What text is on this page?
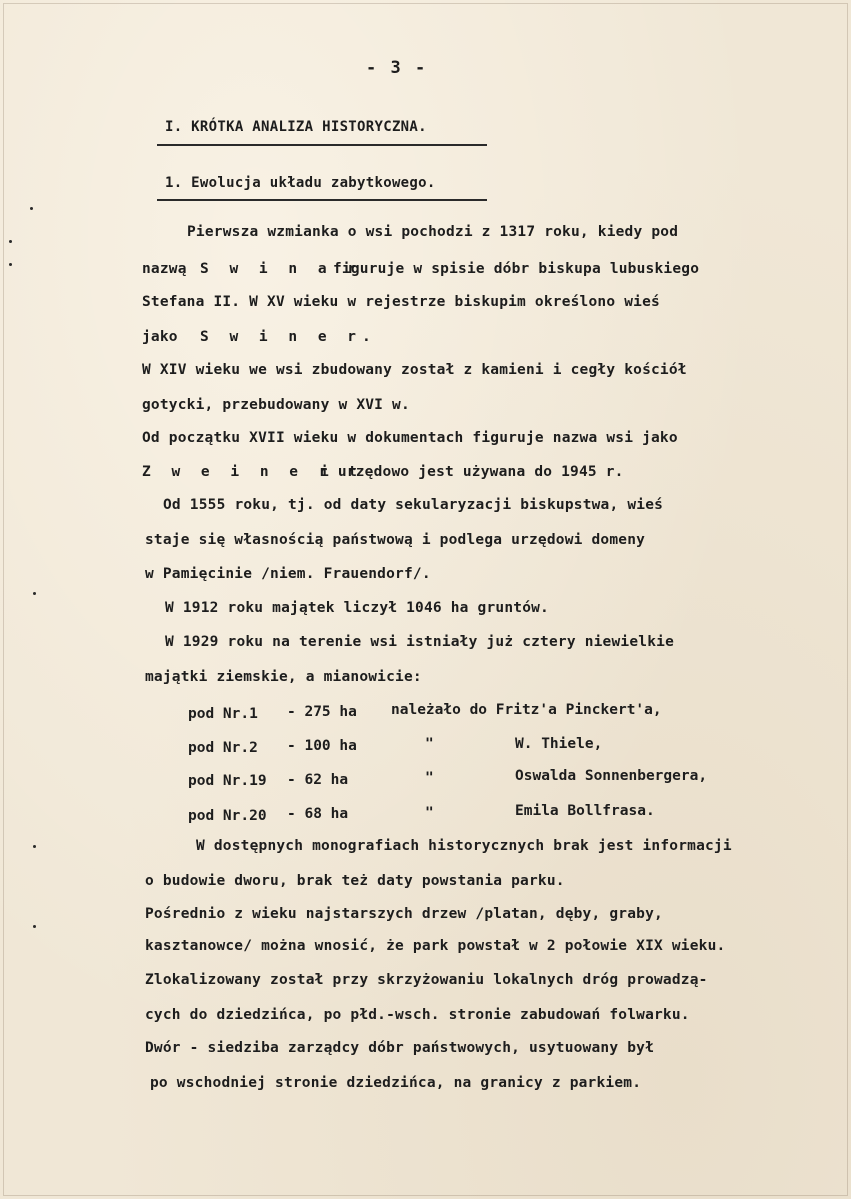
- 3 -
I. KRÓTKA ANALIZA HISTORYCZNA.
1. Ewolucja układu zabytkowego.
Pierwsza wzmianka o wsi pochodzi z 1317 roku, kiedy pod
nazwą S w i n a r
figuruje w spisie dóbr biskupa lubuskiego
Stefana II. W XV wieku w rejestrze biskupim określono wieś
jako S w i n e r.
W XIV wieku we wsi zbudowany został z kamieni i cegły kościół
gotycki, przebudowany w XVI w.
Od początku XVII wieku w dokumentach figuruje nazwa wsi jako
Z w e i n e r t
i urzędowo jest używana do 1945 r.
Od 1555 roku, tj. od daty sekularyzacji biskupstwa, wieś
staje się własnością państwową i podlega urzędowi domeny
w Pamięcinie /niem. Frauendorf/.
W 1912 roku majątek liczył 1046 ha gruntów.
W 1929 roku na terenie wsi istniały już cztery niewielkie
majątki ziemskie, a mianowicie:
pod Nr.1 - 275 ha należało do Fritz'a Pinckert'a,
pod Nr.2 - 100 ha	"	W. Thiele,
pod Nr.19 - 62 ha	"	Oswalda Sonnenbergera,
pod Nr.20 - 68 ha	"	Emila Bollfrasa.
W dostępnych monografiach historycznych brak jest informacji
o budowie dworu, brak też daty powstania parku.
Pośrednio z wieku najstarszych drzew /platan, dęby, graby,
kasztanowce/ można wnosić, że park powstał w 2 połowie XIX wieku.
Zlokalizowany został przy skrzyżowaniu lokalnych dróg prowadzą-
cych do dziedzińca, po płd.-wsch. stronie zabudowań folwarku.
Dwór - siedziba zarządcy dóbr państwowych, usytuowany był
po wschodniej stronie dziedzińca, na granicy z parkiem.
